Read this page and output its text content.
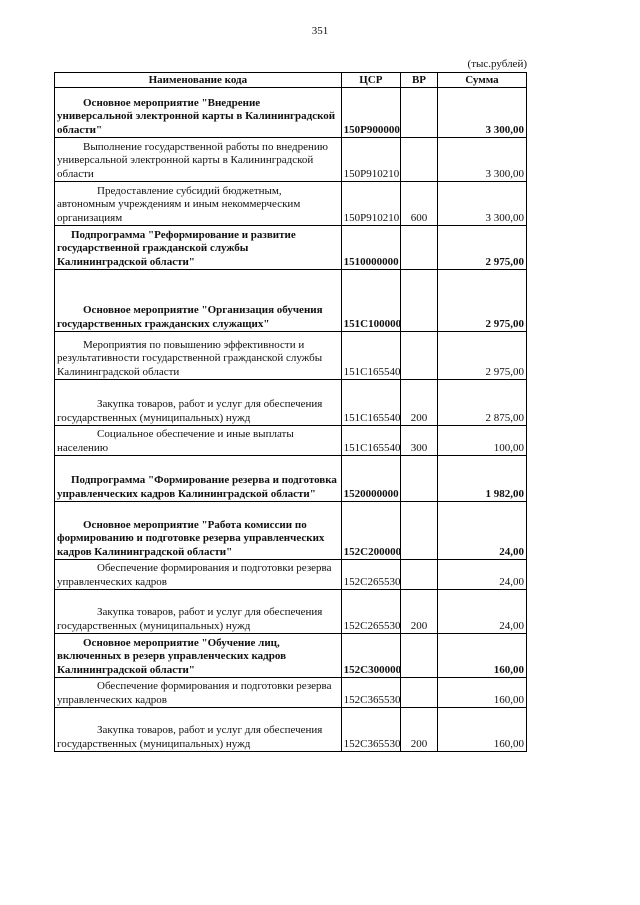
351
(тыс.рублей)
Наименование кода	ЦСР	ВР	Сумма

Основное мероприятие "Внедрение универсальной электронной карты в Калининградской области"	150P900000		3 300,00

Выполнение государственной работы по внедрению универсальной электронной карты в Калининградской области	150P910210		3 300,00

Предоставление субсидий бюджетным, автономным учреждениям и иным некоммерческим организациям	150P910210	600	3 300,00

Подпрограмма "Реформирование и развитие государственной гражданской службы Калининградской области"	1510000000		2 975,00

Основное мероприятие "Организация обучения государственных гражданских служащих"	151С100000		2 975,00

Мероприятия по повышению эффективности и результативности государственной гражданской службы Калининградской области	151С165540		2 975,00

Закупка товаров, работ и услуг для обеспечения государственных (муниципальных) нужд	151С165540	200	2 875,00

Социальное обеспечение и иные выплаты населению	151С165540	300	100,00

Подпрограмма "Формирование резерва и подготовка управленческих кадров Калининградской области"	1520000000		1 982,00

Основное мероприятие "Работа комиссии по формированию и подготовке резерва управленческих кадров Калининградской области"	152С200000		24,00

Обеспечение формирования и подготовки резерва управленческих кадров	152С265530		24,00

Закупка товаров, работ и услуг для обеспечения государственных (муниципальных) нужд	152С265530	200	24,00

Основное мероприятие "Обучение лиц, включенных в резерв управленческих кадров Калининградской области"	152С300000		160,00

Обеспечение формирования и подготовки резерва управленческих кадров	152С365530		160,00

Закупка товаров, работ и услуг для обеспечения государственных (муниципальных) нужд	152С365530	200	160,00
